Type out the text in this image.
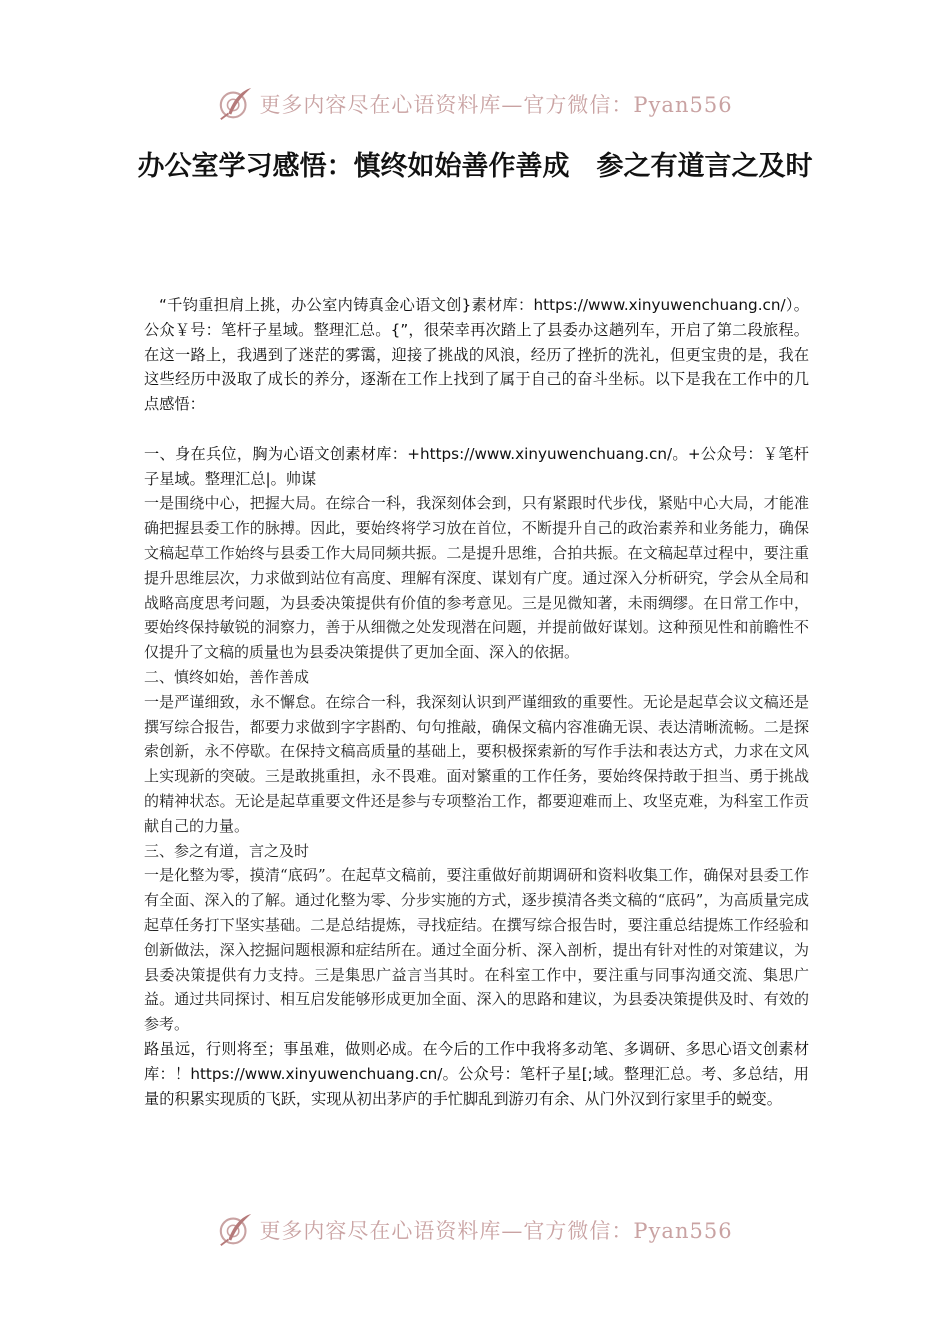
更多内容尽在心语资料库—官方微信：Pyan556
办公室学习感悟：慎终如始善作善成　参之有道言之及时

“千钧重担肩上挑，办公室内铸真金心语文创}素材库：https://www.xinyuwenchuang.cn/）。公众￥号：笔杆子星域。整理汇总。{”，很荣幸再次踏上了县委办这趟列车，开启了第二段旅程。在这一路上，我遇到了迷茫的雾霭，迎接了挑战的风浪，经历了挫折的洗礼，但更宝贵的是，我在这些经历中汲取了成长的养分，逐渐在工作上找到了属于自己的奋斗坐标。以下是我在工作中的几点感悟：

一、身在兵位，胸为心语文创素材库：+https://www.xinyuwenchuang.cn/。+公众号：￥笔杆子星域。整理汇总|。帅谋

一是围绕中心，把握大局。在综合一科，我深刻体会到，只有紧跟时代步伐，紧贴中心大局，才能准确把握县委工作的脉搏。因此，要始终将学习放在首位，不断提升自己的政治素养和业务能力，确保文稿起草工作始终与县委工作大局同频共振。二是提升思维，合拍共振。在文稿起草过程中，要注重提升思维层次，力求做到站位有高度、理解有深度、谋划有广度。通过深入分析研究，学会从全局和战略高度思考问题，为县委决策提供有价值的参考意见。三是见微知著，未雨绸缪。在日常工作中，要始终保持敏锐的洞察力，善于从细微之处发现潜在问题，并提前做好谋划。这种预见性和前瞻性不仅提升了文稿的质量也为县委决策提供了更加全面、深入的依据。

二、慎终如始，善作善成

一是严谨细致，永不懈怠。在综合一科，我深刻认识到严谨细致的重要性。无论是起草会议文稿还是撰写综合报告，都要力求做到字字斟酌、句句推敲，确保文稿内容准确无误、表达清晰流畅。二是探索创新，永不停歇。在保持文稿高质量的基础上，要积极探索新的写作手法和表达方式，力求在文风上实现新的突破。三是敢挑重担，永不畏难。面对繁重的工作任务，要始终保持敢于担当、勇于挑战的精神状态。无论是起草重要文件还是参与专项整治工作，都要迎难而上、攻坚克难，为科室工作贡献自己的力量。

三、参之有道，言之及时

一是化整为零，摸清“底码”。在起草文稿前，要注重做好前期调研和资料收集工作，确保对县委工作有全面、深入的了解。通过化整为零、分步实施的方式，逐步摸清各类文稿的“底码”，为高质量完成起草任务打下坚实基础。二是总结提炼，寻找症结。在撰写综合报告时，要注重总结提炼工作经验和创新做法，深入挖掘问题根源和症结所在。通过全面分析、深入剖析，提出有针对性的对策建议，为县委决策提供有力支持。三是集思广益言当其时。在科室工作中，要注重与同事沟通交流、集思广益。通过共同探讨、相互启发能够形成更加全面、深入的思路和建议，为县委决策提供及时、有效的参考。

路虽远，行则将至；事虽难，做则必成。在今后的工作中我将多动笔、多调研、多思心语文创素材库：！https://www.xinyuwenchuang.cn/。公众号：笔杆子星[;域。整理汇总。考、多总结，用量的积累实现质的飞跃，实现从初出茅庐的手忙脚乱到游刃有余、从门外汉到行家里手的蜕变。

更多内容尽在心语资料库—官方微信：Pyan556
